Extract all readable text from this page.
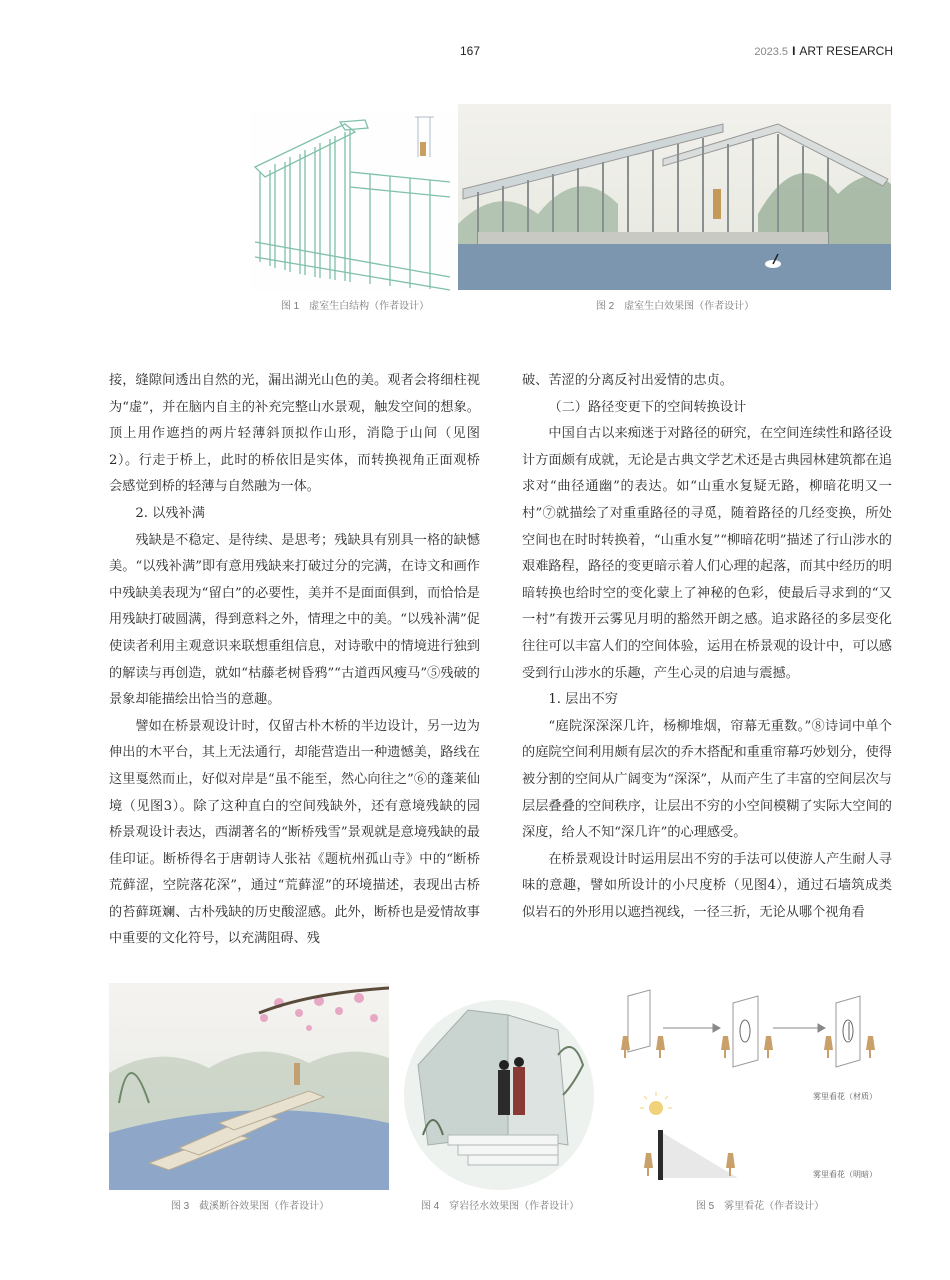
167	2023.5 I ART RESEARCH
图 1　虚室生白结构（作者设计）	图 2　虚室生白效果图（作者设计）

接，缝隙间透出自然的光，漏出湖光山色的美。观者会将细柱视为“虚”，并在脑内自主的补充完整山水景观，触发空间的想象。顶上用作遮挡的两片轻薄斜顶拟作山形，消隐于山间（见图2）。行走于桥上，此时的桥依旧是实体，而转换视角正面观桥会感觉到桥的轻薄与自然融为一体。

2. 以残补满

残缺是不稳定、是待续、是思考；残缺具有别具一格的缺憾美。“以残补满”即有意用残缺来打破过分的完满，在诗文和画作中残缺美表现为“留白”的必要性，美并不是面面俱到，而恰恰是用残缺打破圆满，得到意料之外，情理之中的美。“以残补满”促使读者利用主观意识来联想重组信息，对诗歌中的情境进行独到的解读与再创造，就如“枯藤老树昏鸦”“古道西风瘦马”⑤残破的景象却能描绘出恰当的意趣。

譬如在桥景观设计时，仅留古朴木桥的半边设计，另一边为伸出的木平台，其上无法通行，却能营造出一种遗憾美，路线在这里戛然而止，好似对岸是“虽不能至，然心向往之”⑥的蓬莱仙境（见图3）。除了这种直白的空间残缺外，还有意境残缺的园桥景观设计表达，西湖著名的“断桥残雪”景观就是意境残缺的最佳印证。断桥得名于唐朝诗人张祜《题杭州孤山寺》中的“断桥荒藓涩，空院落花深”，通过“荒藓涩”的环境描述，表现出古桥的苔藓斑斓、古朴残缺的历史酸涩感。此外，断桥也是爱情故事中重要的文化符号，以充满阻碍、残

破、苦涩的分离反衬出爱情的忠贞。

（二）路径变更下的空间转换设计

中国自古以来痴迷于对路径的研究，在空间连续性和路径设计方面颇有成就，无论是古典文学艺术还是古典园林建筑都在追求对“曲径通幽”的表达。如“山重水复疑无路，柳暗花明又一村”⑦就描绘了对重重路径的寻觅，随着路径的几经变换，所处空间也在时时转换着，“山重水复”“柳暗花明”描述了行山涉水的艰难路程，路径的变更暗示着人们心理的起落，而其中经历的明暗转换也给时空的变化蒙上了神秘的色彩，使最后寻求到的“又一村”有拨开云雾见月明的豁然开朗之感。追求路径的多层变化往往可以丰富人们的空间体验，运用在桥景观的设计中，可以感受到行山涉水的乐趣，产生心灵的启迪与震撼。

1. 层出不穷

“庭院深深深几许，杨柳堆烟，帘幕无重数。”⑧诗词中单个的庭院空间利用颇有层次的乔木搭配和重重帘幕巧妙划分，使得被分割的空间从广阔变为“深深”，从而产生了丰富的空间层次与层层叠叠的空间秩序，让层出不穷的小空间模糊了实际大空间的深度，给人不知“深几许”的心理感受。

在桥景观设计时运用层出不穷的手法可以使游人产生耐人寻味的意趣，譬如所设计的小尺度桥（见图4），通过石墙筑成类似岩石的外形用以遮挡视线，一径三折，无论从哪个视角看

图 3　截溪断谷效果图（作者设计）	图 4　穿岩径水效果图（作者设计）
雾里看花（材质）
雾里看花（明暗）
图 5　雾里看花（作者设计）
